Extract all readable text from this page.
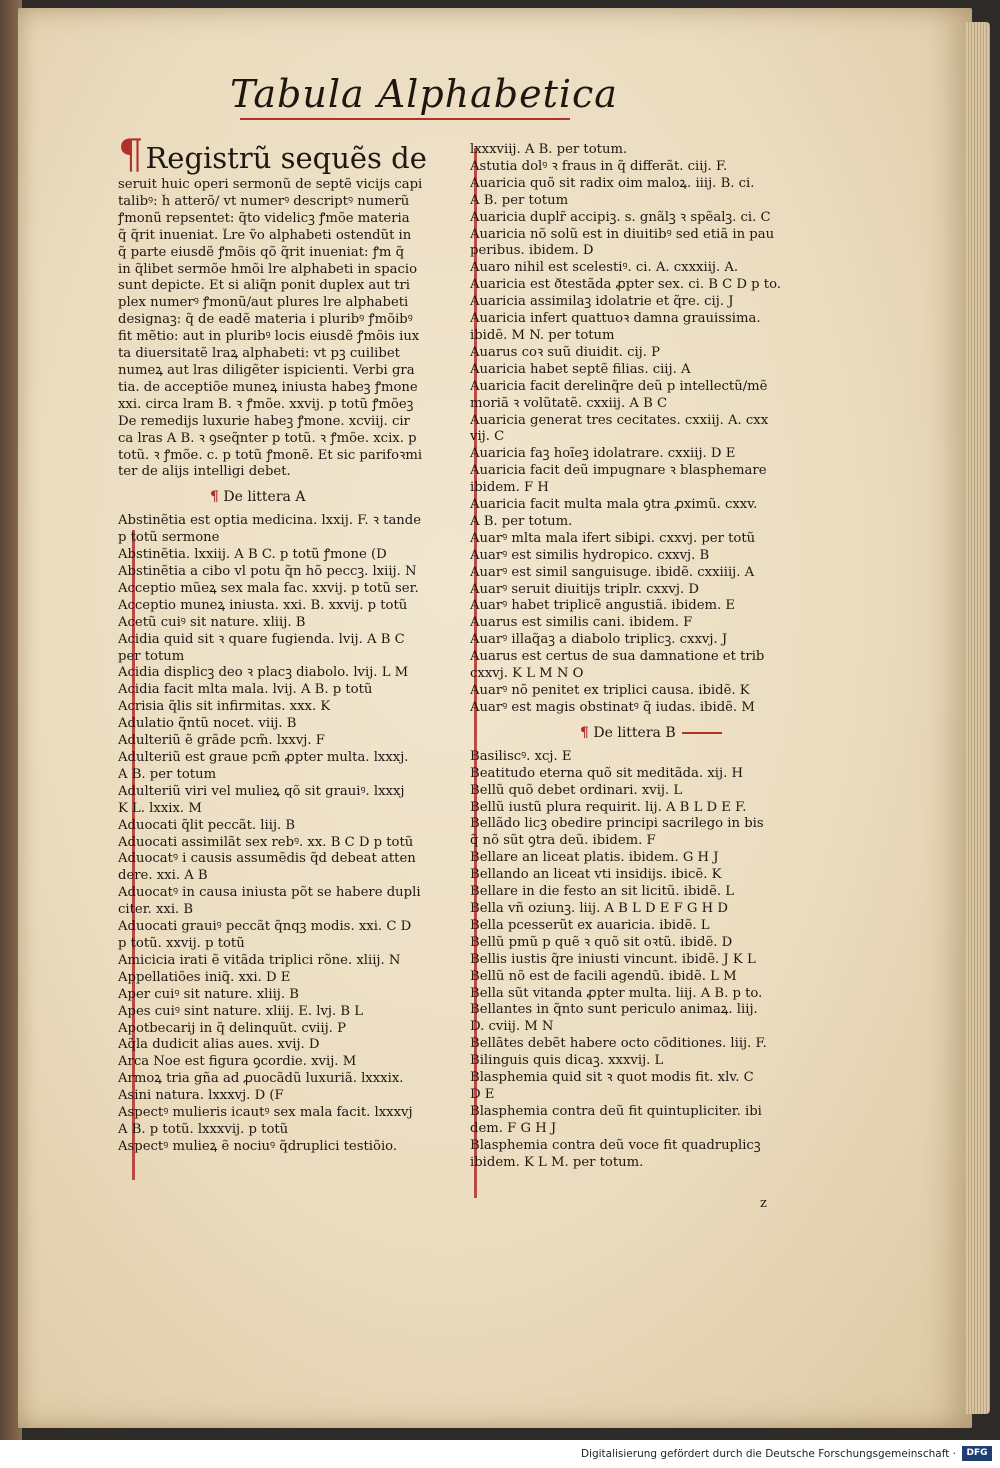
Tabula Alphabetica
¶Registrũ sequẽs de
seruit huic operi sermonũ de septẽ vicijs capi
talibꝰ: ĥ atterõ/ vt numerꝰ descriptꝰ numerũ
ꝭmonũ repsentet: q̃to videlicꝫ ꝭmõe materia
q̃ q̃rit inueniat. L̃re ṽo alphabeti ostendũt in
q̃ parte eiusdẽ ꝭmõis qõ q̃rit inueniat: ꝭm q̃
in q̃libet sermõe hmõi l̃re alphabeti in spacio
sunt depicte. Et si aliq̃n ponit duplex aut tri
plex numerꝰ ꝭmonũ/aut plures l̃re alphabeti
designaꝫ: q̃ de eadẽ materia i pluribꝰ ꝭmõibꝰ
fit mẽtio: aut in pluribꝰ locis eiusdẽ ꝭmõis iux
ta diuersitatẽ l̃raꝝ alphabeti: vt pꝫ cuilibet
numeꝝ aut l̃ras diligẽter i̇spicienti. Verbi gra
tia. de acceptiõe muneꝝ iniusta habeꝫ ꝭmone
xxi. circa l̃ram B. ꝛ ꝭmõe. xxvij. p totũ ꝭmõeꝫ
De remedijs luxurie habeꝫ ꝭmone. xcviij. cir
ca l̃ras A B. ꝛ ꝯseq̃nter p totũ. ꝛ ꝭmõe. xcix. p
totũ. ꝛ ꝭmõe. c. p totũ ꝭmonẽ. Et sic parifoꝛmi
ter de alijs intelligi debet.
¶ De littera A
Abstinẽtia est optia medicina. lxxij. F. ꝛ tande
p totũ sermone
Abstinẽtia. lxxiij. A B C. p totũ ꝭmone (D
Abstinẽtia a cibo vl̃ potu q̃n hõ peccꝫ. lxiij. N
Acceptio mũeꝝ sex mala fac. xxvij. p totũ ser.
Acceptio muneꝝ iniusta. xxi. B. xxvij. p totũ
Acetũ cuiꝰ sit nature. xliij. B
Acidia quid sit ꝛ quare fugienda. lvij. A B C
per totum
Acidia displicꝫ deo ꝛ placꝫ diabolo. lvij. L M
Acidia facit mlt̃a mala. lvij. A B. p totũ
Acrisia q̃lis sit infirmitas. xxx. K
Adulatio q̃ntũ nocet. viij. B
Adulteriũ ẽ grãde pcm̃. lxxvj. F
Adulteriũ est graue pcm̃ ꝓpter multa. lxxxj.
A B. per totum
Adulteriũ viri vel mulieꝝ qõ sit grauiꝰ. lxxxj
K L. lxxix. M
Aduocati q̃lit̃ peccãt. liij. B
Aduocati assimilãt sex rebꝰ. xx. B C D p totũ
Aduocatꝰ i causis assumẽdis q̃d debeat atten
dere. xxi. A B
Aduocatꝰ in causa iniusta põt se habere dupli
citer. xxi. B
Aduocati grauiꝰ peccãt q̃nqꝫ modis. xxi. C D
p totũ. xxvij. p totũ
Amicicia irati ẽ vitãda triplici rõne. xliij. N
Appellatiões iniq̃. xxi. D E
Aper cuiꝰ sit nature. xliij. B
Apes cuiꝰ sint nature. xliij. E. lvj. B L
Apotbecarij in q̃ delinquũt. cviij. P
Aq̃la dudicit alias aues. xvij. D
Arca Noe est figura ꝯcordie. xvij. M
Armoꝝ tria gña ad ꝓuocãdũ luxuriã. lxxxix.
Asini natura. lxxxvj. D (F
Aspectꝰ mulieris icautꝰ sex mala facit. lxxxvj
A B. p totũ. lxxxvij. p totũ
Aspectꝰ mulieꝝ ẽ nociuꝰ q̃druplici testiõio.
lxxxviij. A B. per totum.
Astutia dolꝰ ꝛ fraus in q̃ differãt. ciij. F.
Auaricia quõ sit radix oim maloꝝ. iiij. B. ci.
A B. per totum
Auaricia duplr̃ accipiꝫ. s. gnãlꝫ ꝛ spẽalꝫ. ci. C
Auaricia nõ solũ est in diuitibꝰ sed etiã in pau
peribus. ibidem. D
Auaro nihil est scelestiꝰ. ci. A. cxxxiij. A.
Auaricia est ðtestãda ꝓpter sex. ci. B C D p to.
Auaricia assimilaꝫ idolatrie et q̃re. cij. J
Auaricia infert quattuoꝛ damna grauissima.
ibidẽ. M N. per totum
Auarus coꝛ suũ diuidit. cij. P
Auaricia habet septẽ filias. ciij. A
Auaricia facit derelinq̃re deũ p intellectũ/mẽ
moriã ꝛ volũtatẽ. cxxiij. A B C
Auaricia generat tres cecitates. cxxiij. A. cxx
vij. C
Auaricia faꝫ hoĩeꝫ idolatrare. cxxiij. D E
Auaricia facit deũ impugnare ꝛ blasphemare
ibidem. F H
Auaricia facit multa mala ꝯtra ꝓximũ. cxxv.
A B. per totum.
Auarꝰ mlt̃a mala i̇fert sibiꝑi. cxxvj. per totũ
Auarꝰ est similis hydropico. cxxvj. B
Auarꝰ est simil̃ sanguisuge. ibidẽ. cxxiiij. A
Auarꝰ seruit diuitijs tripl̃r. cxxvj. D
Auarꝰ habet triplicẽ angustiã. ibidem. E
Auarus est similis cani. ibidem. F
Auarꝰ illaq̃aꝫ a diabolo triplicꝫ. cxxvj. J
Auarus est certus de sua damnatione et trib
cxxvj. K L M N O
Auarꝰ nõ penitet ex triplici causa. ibidẽ. K
Auarꝰ est magis obstinatꝰ q̃ iudas. ibidẽ. M
¶ De littera B
Basiliscꝰ. xcj. E
Beatitudo eterna quõ sit meditãda. xij. H
Bellũ quõ debet ordinari. xvij. L
Bellũ iustũ plura requirit. lij. A B L D E F.
Bellãdo licꝫ obedire principi sacrilego in bis
q̃ nõ sũt ꝯtra deũ. ibidem. F
Bellare an liceat platis. ibidem. G H J
Bellando an liceat vti insidijs. ibicẽ. K
Bellare in die festo an sit licitũ. ibidẽ. L
Bella vñ oziunꝫ. liij. A B L D E F G H D
Bella pcesserũt ex auaricia. ibidẽ. L
Bellũ pmũ p quẽ ꝛ quõ sit oꝛtũ. ibidẽ. D
Bellis iustis q̃re iniusti vincunt. ibidẽ. J K L
Bellũ nõ est de facili agendũ. ibidẽ. L M
Bella sũt vitanda ꝓpter multa. liij. A B. p to.
Bellantes in q̃nto sunt periculo animaꝝ. liij.
D. cviij. M N
Bellãtes debẽt habere octo cõditiones. liij. F.
Bilinguis quis dicaꝫ. xxxvij. L
Blasphemia quid sit ꝛ quot modis fit. xlv. C
D E
Blasphemia contra deũ fit quintupliciter. ibi
dem. F G H J
Blasphemia contra deũ voce fit quadruplicꝫ
ibidem. K L M. per totum.
z
Digitalisierung gefördert durch die Deutsche Forschungsgemeinschaft ·	DFG
